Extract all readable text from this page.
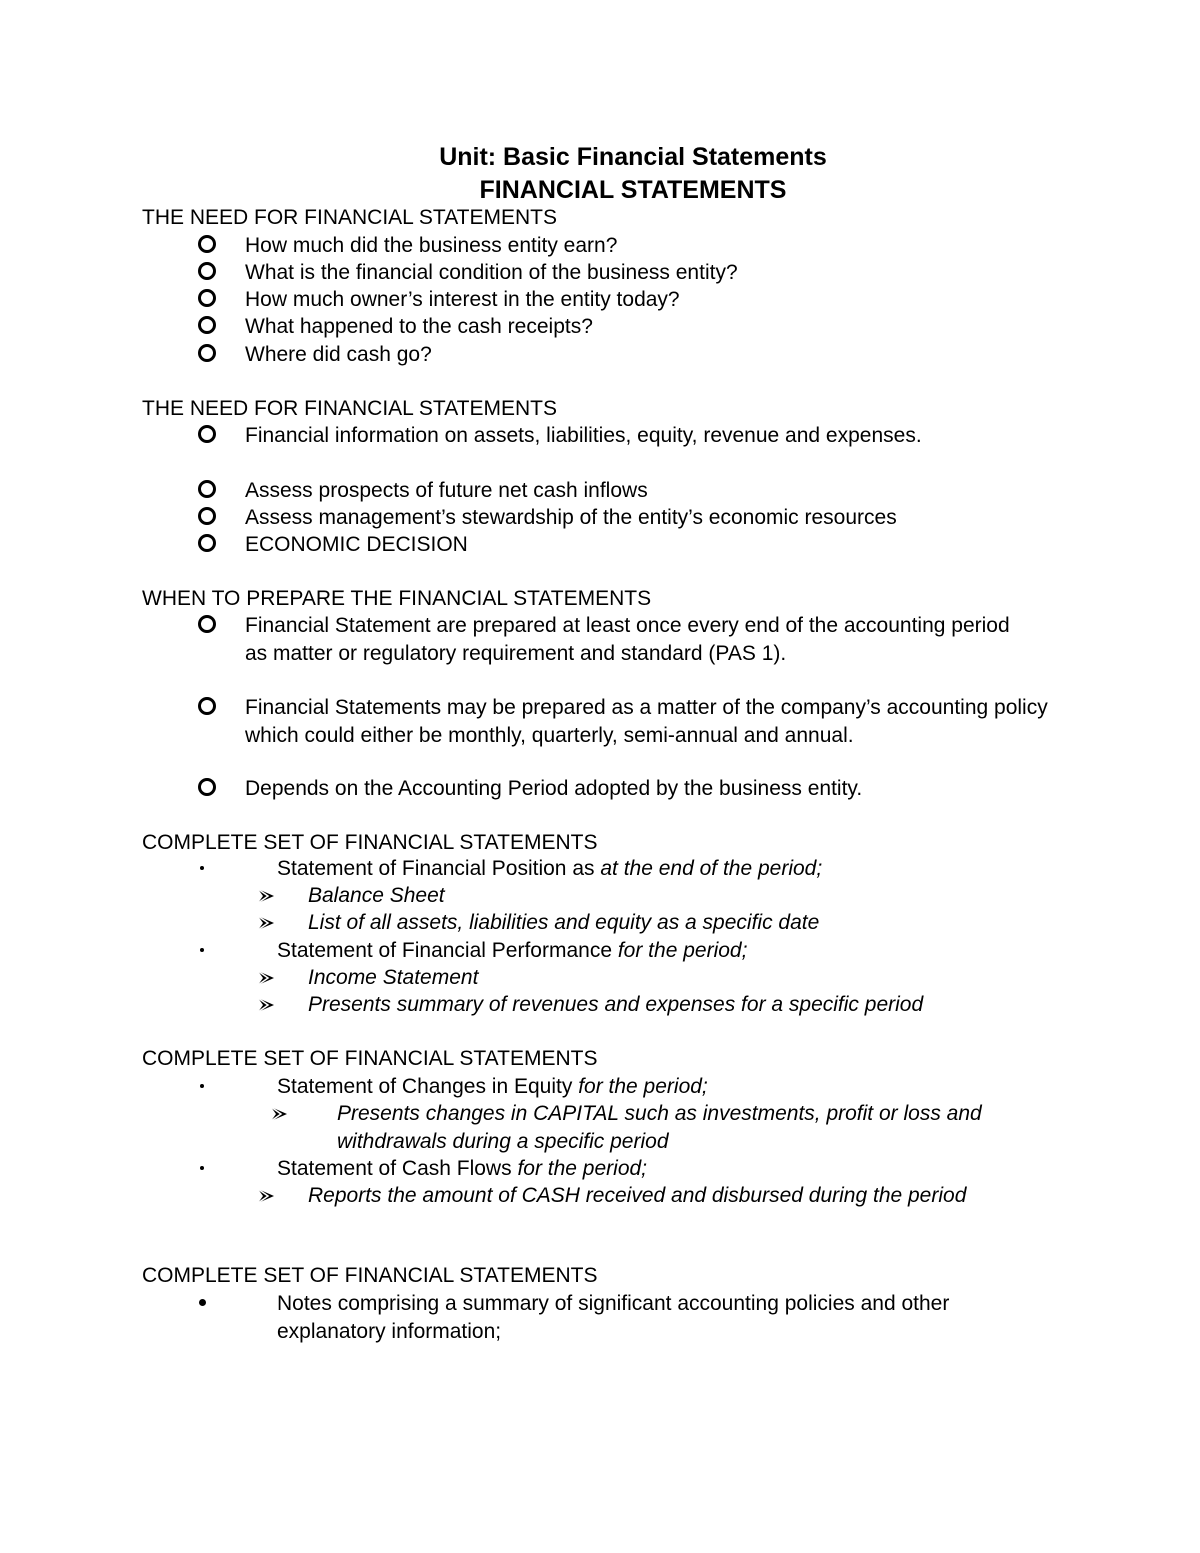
Unit: Basic Financial Statements
FINANCIAL STATEMENTS
THE NEED FOR FINANCIAL STATEMENTS
How much did the business entity earn?
What is the financial condition of the business entity?
How much owner’s interest in the entity today?
What happened to the cash receipts?
Where did cash go?
THE NEED FOR FINANCIAL STATEMENTS
Financial information on assets, liabilities, equity, revenue and expenses.
Assess prospects of future net cash inflows
Assess management’s stewardship of the entity’s economic resources
ECONOMIC DECISION
WHEN TO PREPARE THE FINANCIAL STATEMENTS
Financial Statement are prepared at least once every end of the accounting period as matter or regulatory requirement and standard (PAS 1).
Financial Statements may be prepared as a matter of the company’s accounting policy which could either be monthly, quarterly, semi-annual and annual.
Depends on the Accounting Period adopted by the business entity.
COMPLETE SET OF FINANCIAL STATEMENTS
Statement of Financial Position as at the end of the period;
Balance Sheet
List of all assets, liabilities and equity as a specific date
Statement of Financial Performance for the period;
Income Statement
Presents summary of revenues and expenses for a specific period
COMPLETE SET OF FINANCIAL STATEMENTS
Statement of Changes in Equity for the period;
Presents changes in CAPITAL such as investments, profit or loss and withdrawals during a specific period
Statement of Cash Flows for the period;
Reports the amount of CASH received and disbursed during the period
COMPLETE SET OF FINANCIAL STATEMENTS
Notes comprising a summary of significant accounting policies and other explanatory information;
